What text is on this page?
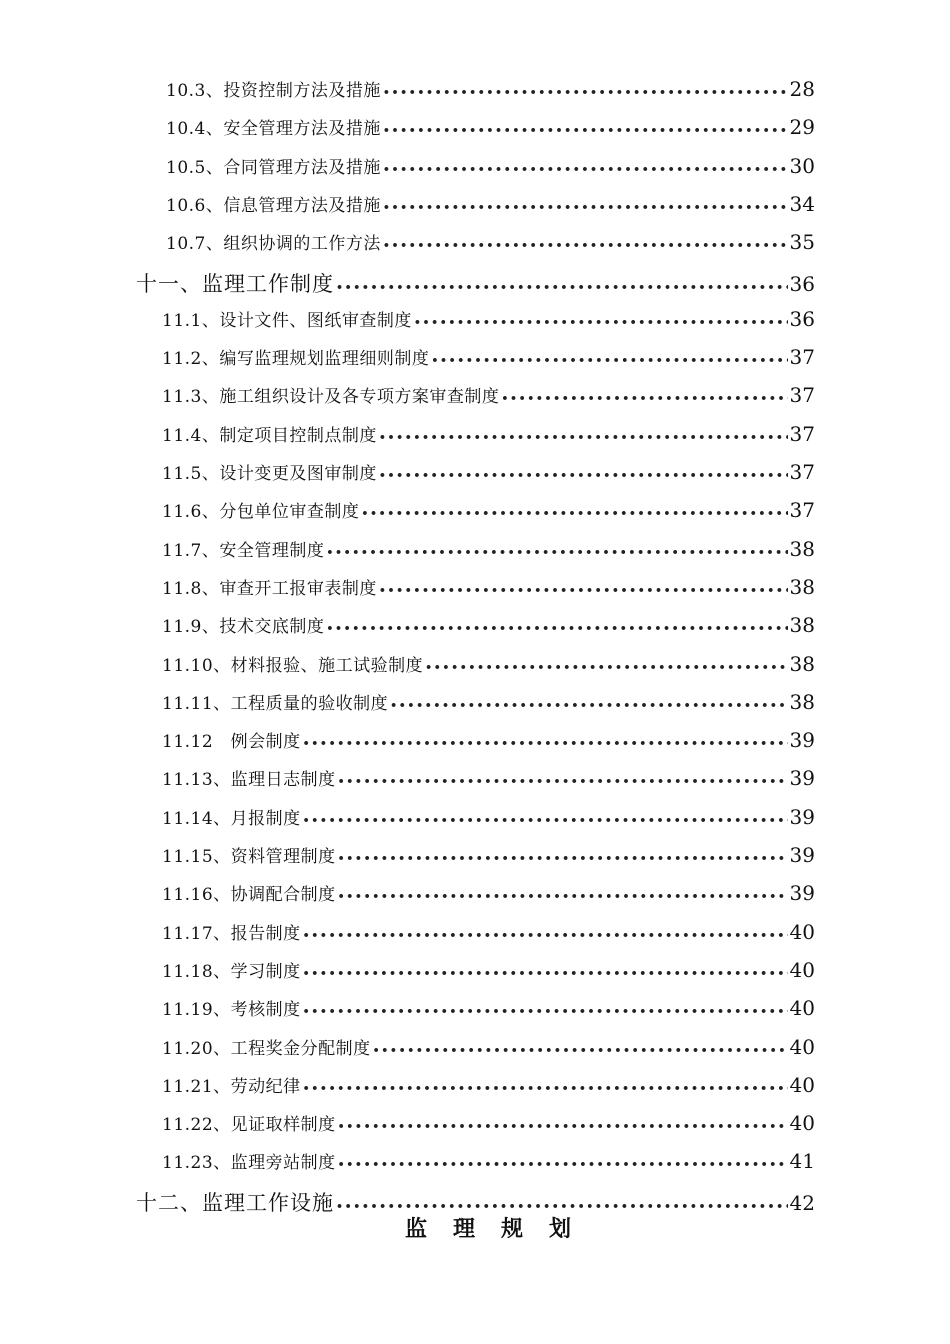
10.3、投资控制方法及措施 •••••	28
10.4、安全管理方法及措施 •••••	29
10.5、合同管理方法及措施 •••••	30
10.6、信息管理方法及措施 •••••	34
10.7、组织协调的工作方法 •••••	35
十一、监理工作制度 •••••	36
11.1、设计文件、图纸审查制度 •••••	36
11.2、编写监理规划监理细则制度 •••••	37
11.3、施工组织设计及各专项方案审查制度 •••••	37
11.4、制定项目控制点制度 •••••	37
11.5、设计变更及图审制度 •••••	37
11.6、分包单位审查制度 •••••	37
11.7、安全管理制度 •••••	38
11.8、审查开工报审表制度 •••••	38
11.9、技术交底制度 •••••	38
11.10、材料报验、施工试验制度 •••••	38
11.11、工程质量的验收制度 •••••	38
11.12　例会制度 •••••	39
11.13、监理日志制度 •••••	39
11.14、月报制度 •••••	39
11.15、资料管理制度 •••••	39
11.16、协调配合制度 •••••	39
11.17、报告制度 •••••	40
11.18、学习制度 •••••	40
11.19、考核制度 •••••	40
11.20、工程奖金分配制度 •••••	40
11.21、劳动纪律 •••••	40
11.22、见证取样制度 •••••	40
11.23、监理旁站制度 •••••	41
十二、监理工作设施 •••••	42
监理规划
